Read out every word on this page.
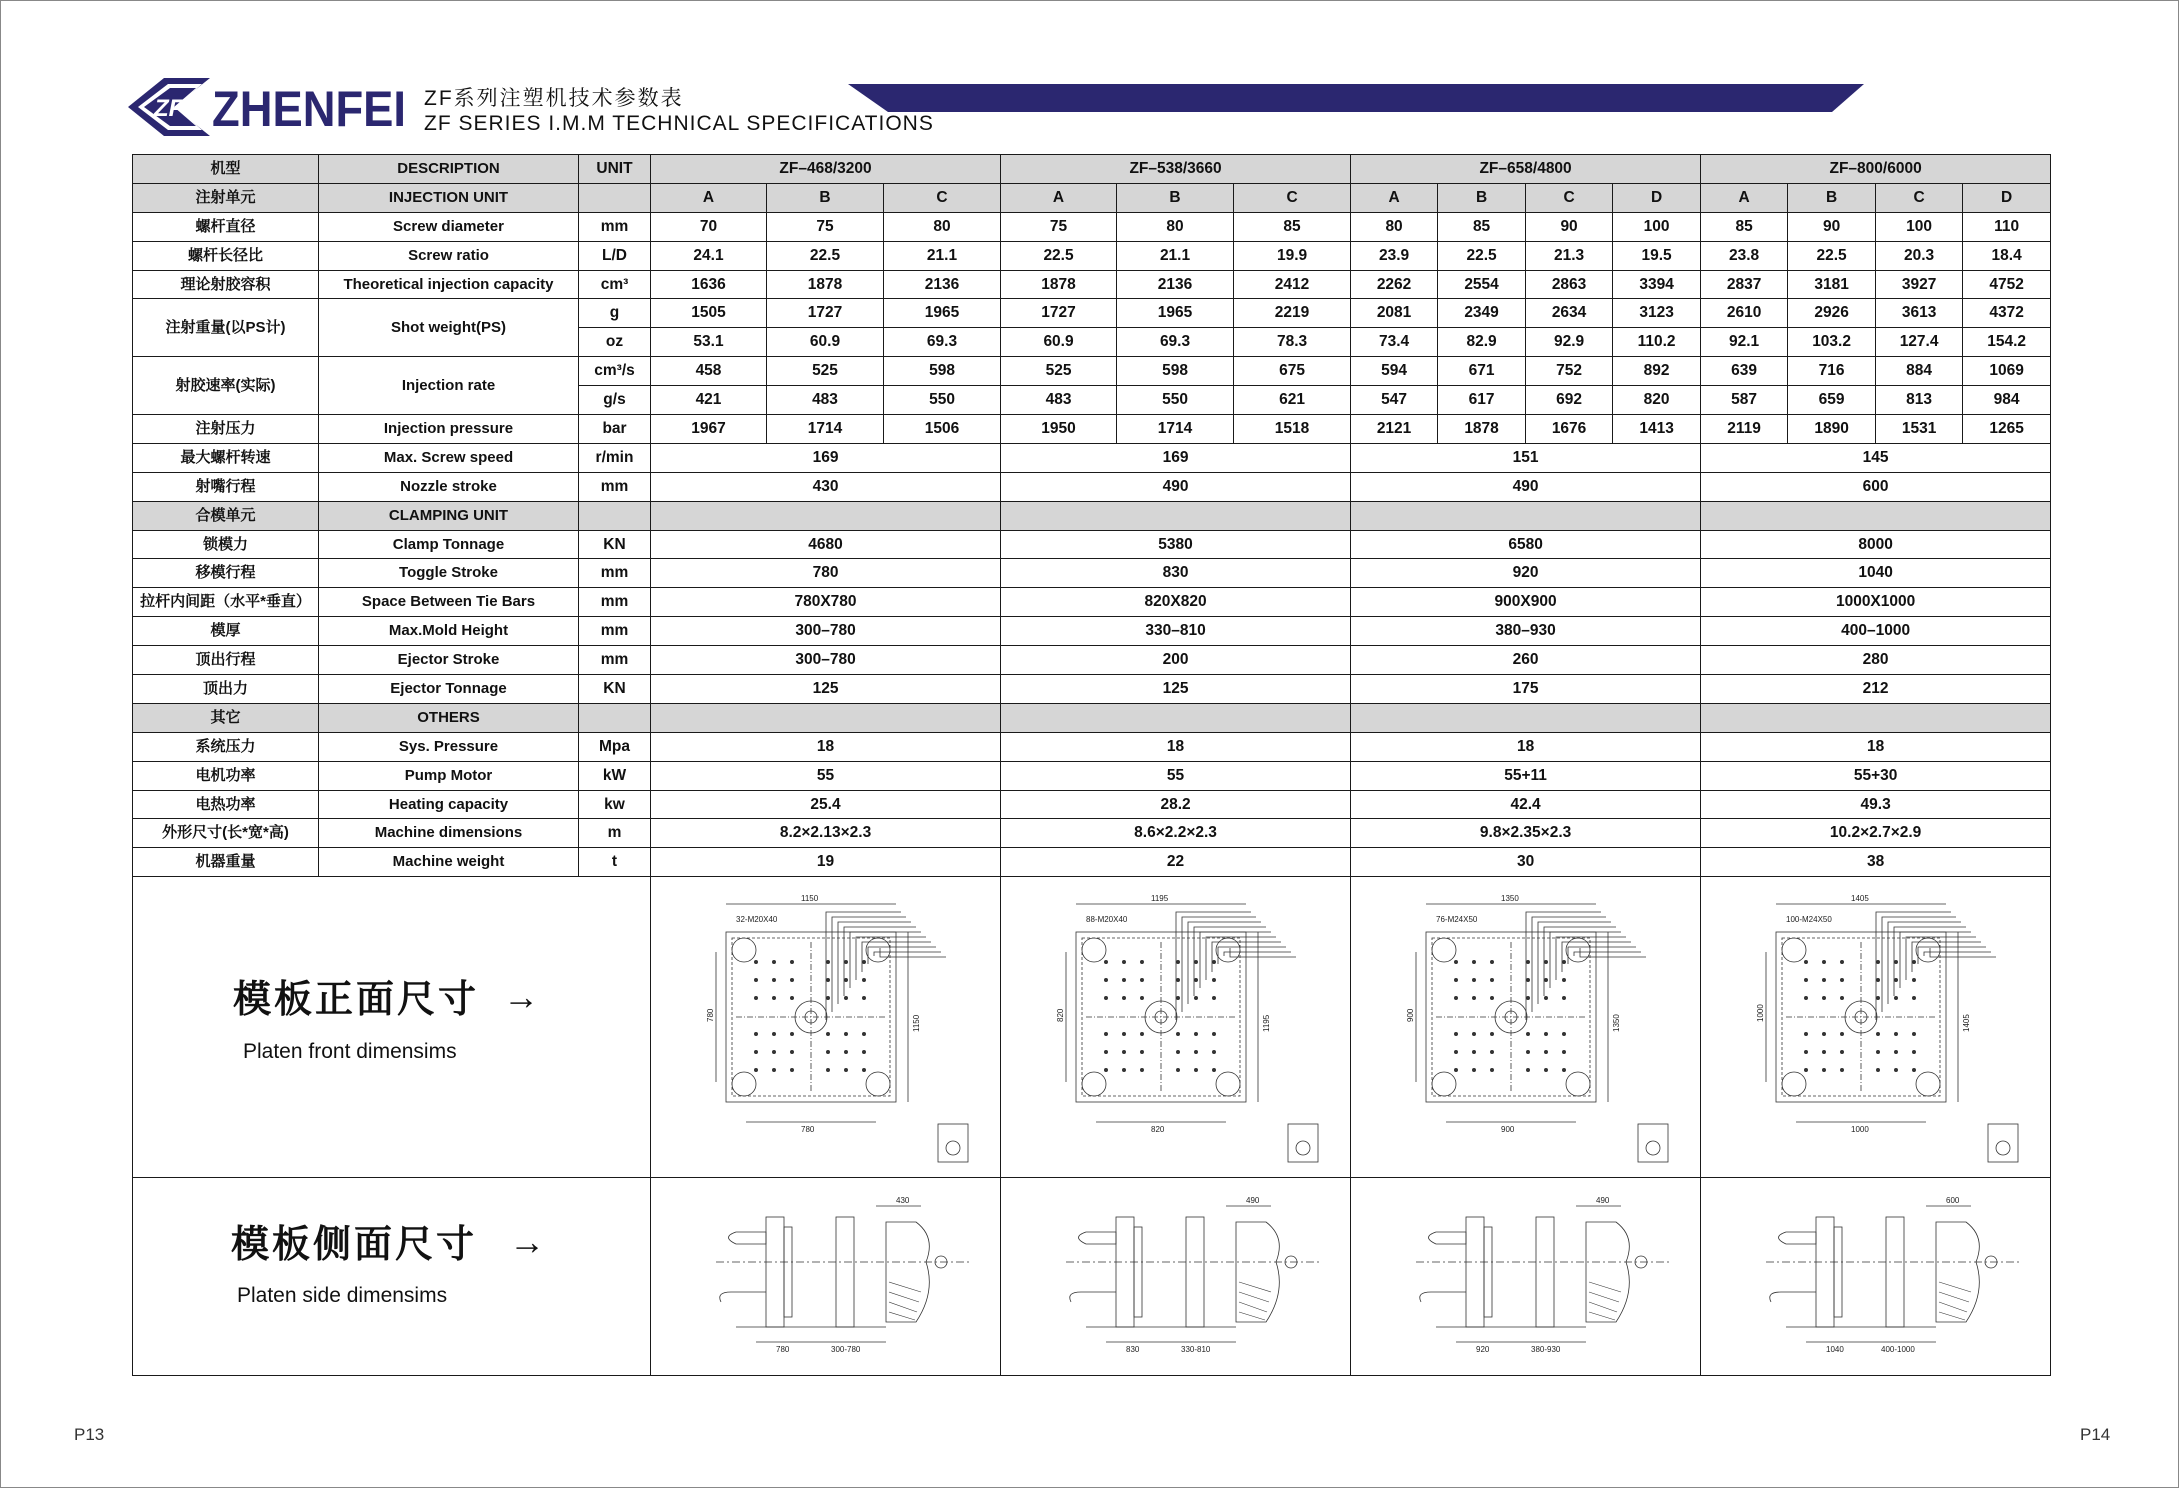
ZF ZHENFEI ZF系列注塑机技术参数表
ZF SERIES I.M.M TECHNICAL SPECIFICATIONS
机型	DESCRIPTION	UNIT	ZF–468/3200			ZF–538/3660			ZF–658/4800				ZF–800/6000			
注射单元	INJECTION UNIT		A	B	C	A	B	C	A	B	C	D	A	B	C	D
螺杆直径	Screw diameter	mm	70	75	80	75	80	85	80	85	90	100	85	90	100	110
螺杆长径比	Screw ratio	L/D	24.1	22.5	21.1	22.5	21.1	19.9	23.9	22.5	21.3	19.5	23.8	22.5	20.3	18.4
理论射胶容积	Theoretical injection capacity	cm³	1636	1878	2136	1878	2136	2412	2262	2554	2863	3394	2837	3181	3927	4752
注射重量(以PS计)	Shot weight(PS)	g	1505	1727	1965	1727	1965	2219	2081	2349	2634	3123	2610	2926	3613	4372
		oz	53.1	60.9	69.3	60.9	69.3	78.3	73.4	82.9	92.9	110.2	92.1	103.2	127.4	154.2
射胶速率(实际)	Injection rate	cm³/s	458	525	598	525	598	675	594	671	752	892	639	716	884	1069
		g/s	421	483	550	483	550	621	547	617	692	820	587	659	813	984
注射压力	Injection pressure	bar	1967	1714	1506	1950	1714	1518	2121	1878	1676	1413	2119	1890	1531	1265
最大螺杆转速	Max. Screw speed	r/min	169			169			151				145			
射嘴行程	Nozzle stroke	mm	430			490			490				600			
合模单元	CLAMPING UNIT															
锁模力	Clamp Tonnage	KN	4680			5380			6580				8000			
移模行程	Toggle Stroke	mm	780			830			920				1040			
拉杆内间距（水平*垂直）	Space Between Tie Bars	mm	780X780			820X820			900X900				1000X1000			
模厚	Max.Mold Height	mm	300–780			330–810			380–930				400–1000			
顶出行程	Ejector Stroke	mm	300–780			200			260				280			
顶出力	Ejector Tonnage	KN	125			125			175				212			
其它	OTHERS															
系统压力	Sys. Pressure	Mpa	18			18			18				18			
电机功率	Pump Motor	kW	55			55			55+11				55+30			
电热功率	Heating capacity	kw	25.4			28.2			42.4				49.3			
外形尺寸(长*宽*高)	Machine dimensions	m	8.2×2.13×2.3			8.6×2.2×2.3			9.8×2.35×2.3				10.2×2.7×2.9			
机器重量	Machine weight	t	19			22			30				38			

模板正面尺寸 →
Platen front dimensims			1150
780
780 1150
32-M20X40			1195
820
820 1195
88-M20X40			1350
900
900 1350
76-M24X50				1405
1000
1000
1405
100-M24X50			

模板侧面尺寸 →
Platen side dimensims			780 300-780
430			830 330-810
490			920 380-930
490				1040 400-1000
600			
P13	P14
